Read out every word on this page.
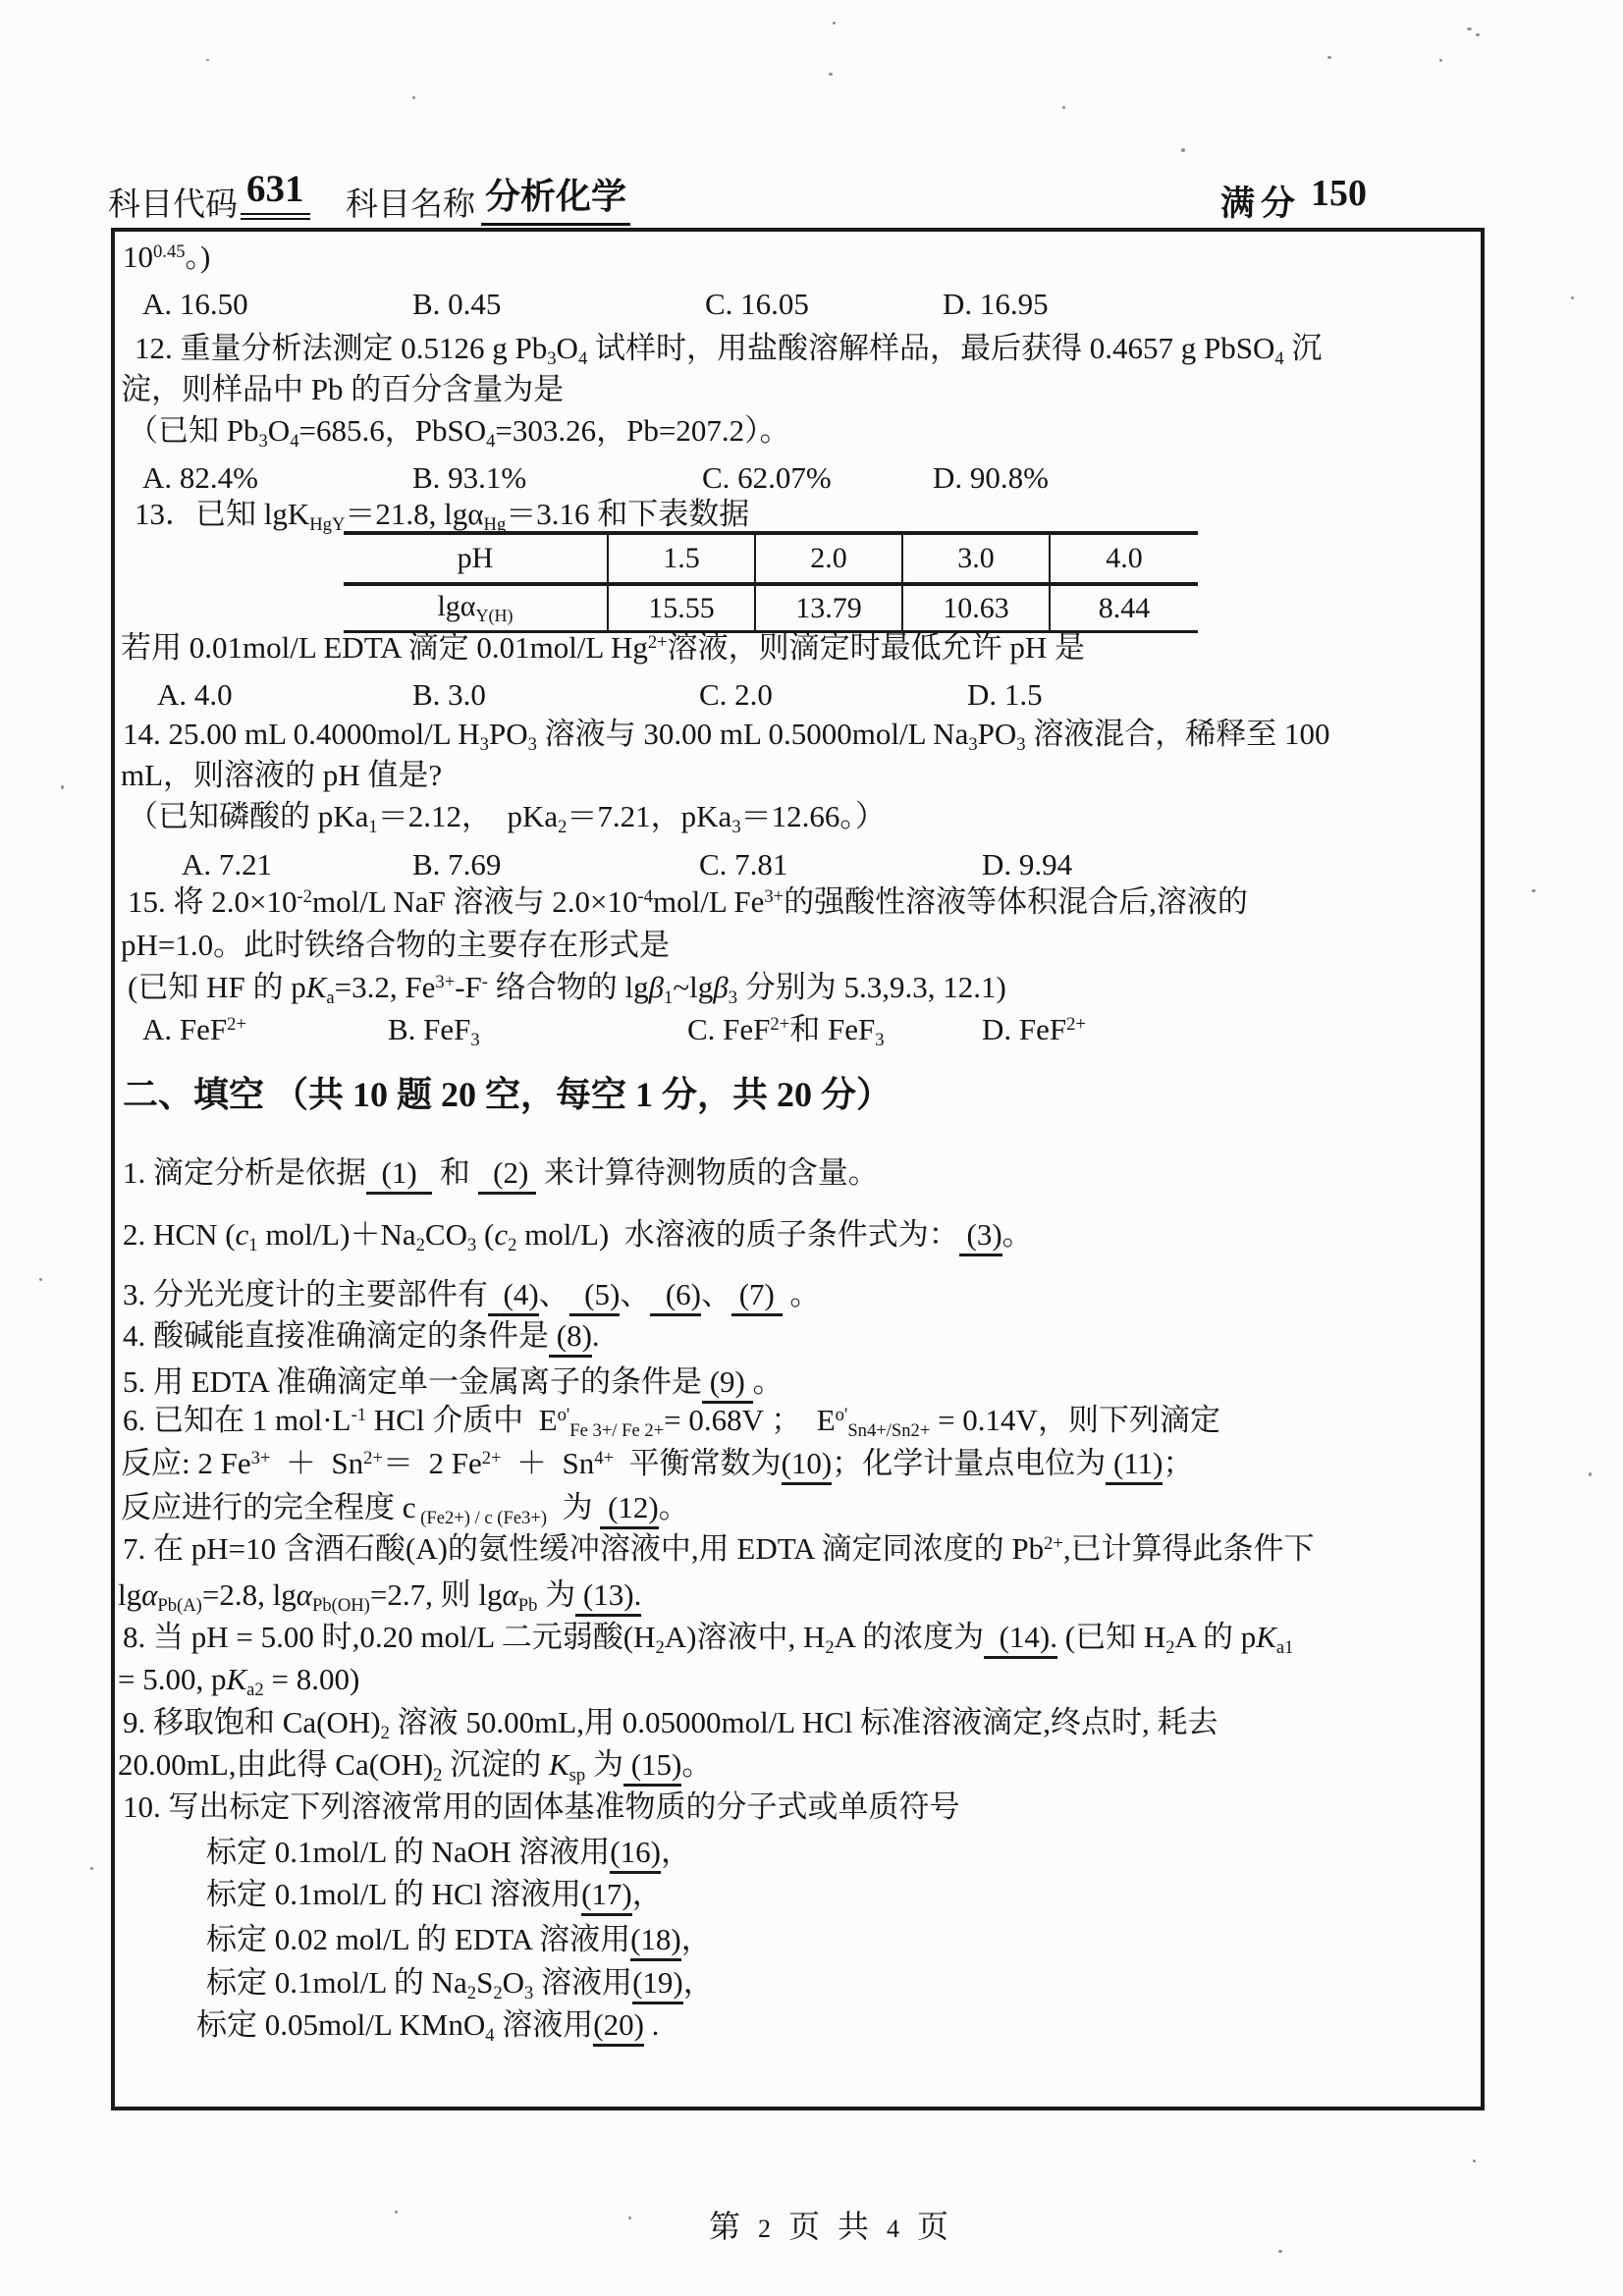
科目代码 631 科目名称 分析化学	满分 150
pH	1.5	2.0	3.0	4.0
lgα$_{Y(H)}$	15.55	13.79	10.63	8.44
100.45。)
A. 16.50	B. 0.45	C. 16.05	D. 16.95
12. 重量分析法测定 0.5126 g Pb3O4 试样时，用盐酸溶解样品，最后获得 0.4657 g PbSO4 沉
淀，则样品中 Pb 的百分含量为是
（已知 Pb3O4=685.6，PbSO4=303.26，Pb=207.2）。
A. 82.4%	B. 93.1%	C. 62.07%	D. 90.8%
13．已知 lgKHgY＝21.8, lgαHg＝3.16 和下表数据
若用 0.01mol/L EDTA 滴定 0.01mol/L Hg2+溶液，则滴定时最低允许 pH 是
A. 4.0	B. 3.0	C. 2.0	D. 1.5
14. 25.00 mL 0.4000mol/L H3PO3 溶液与 30.00 mL 0.5000mol/L Na3PO3 溶液混合，稀释至 100
mL，则溶液的 pH 值是?
（已知磷酸的 pKa1＝2.12，  pKa2＝7.21，pKa3＝12.66。）
A. 7.21	B. 7.69	C. 7.81	D. 9.94
15. 将 2.0×10-2mol/L NaF 溶液与 2.0×10-4mol/L Fe3+的强酸性溶液等体积混合后,溶液的
pH=1.0。此时铁络合物的主要存在形式是
(已知 HF 的 pKa=3.2, Fe3+-F- 络合物的 lgβ1~lgβ3 分别为 5.3,9.3, 12.1)
A. FeF2+	B. FeF3	C. FeF2+和 FeF3	D. FeF2+
二、填空 （共 10 题 20 空，每空 1 分，共 20 分）
1. 滴定分析是依据  (1)   和   (2)  来计算待测物质的含量。
2. HCN (c1 mol/L)＋Na2CO3 (c2 mol/L)  水溶液的质子条件式为： (3)。
3. 分光光度计的主要部件有  (4)、  (5)、  (6)、 (7)  。
4. 酸碱能直接准确滴定的条件是 (8).
5. 用 EDTA 准确滴定单一金属离子的条件是 (9) 。
6. 已知在 1 mol·L-1 HCl 介质中  Eo'Fe 3+/ Fe 2+= 0.68V ；  Eo'Sn4+/Sn2+ = 0.14V，则下列滴定
反应: 2 Fe3+  ＋  Sn2+＝  2 Fe2+  ＋  Sn4+  平衡常数为(10)；化学计量点电位为 (11)；
反应进行的完全程度 c (Fe2+) / c (Fe3+)  为  (12)。
7. 在 pH=10 含酒石酸(A)的氨性缓冲溶液中,用 EDTA 滴定同浓度的 Pb2+,已计算得此条件下
lgαPb(A)=2.8, lgαPb(OH)=2.7, 则 lgαPb 为 (13).
8. 当 pH = 5.00 时,0.20 mol/L 二元弱酸(H2A)溶液中, H2A 的浓度为  (14). (已知 H2A 的 pKa1
= 5.00, pKa2 = 8.00)
9. 移取饱和 Ca(OH)2 溶液 50.00mL,用 0.05000mol/L HCl 标准溶液滴定,终点时, 耗去
20.00mL,由此得 Ca(OH)2 沉淀的 Ksp 为 (15)。
10. 写出标定下列溶液常用的固体基准物质的分子式或单质符号
标定 0.1mol/L 的 NaOH 溶液用(16)，
标定 0.1mol/L 的 HCl 溶液用(17)，
标定 0.02 mol/L 的 EDTA 溶液用(18)，
标定 0.1mol/L 的 Na2S2O3 溶液用(19)，
标定 0.05mol/L KMnO4 溶液用(20) .

第 2 页 共 4 页
